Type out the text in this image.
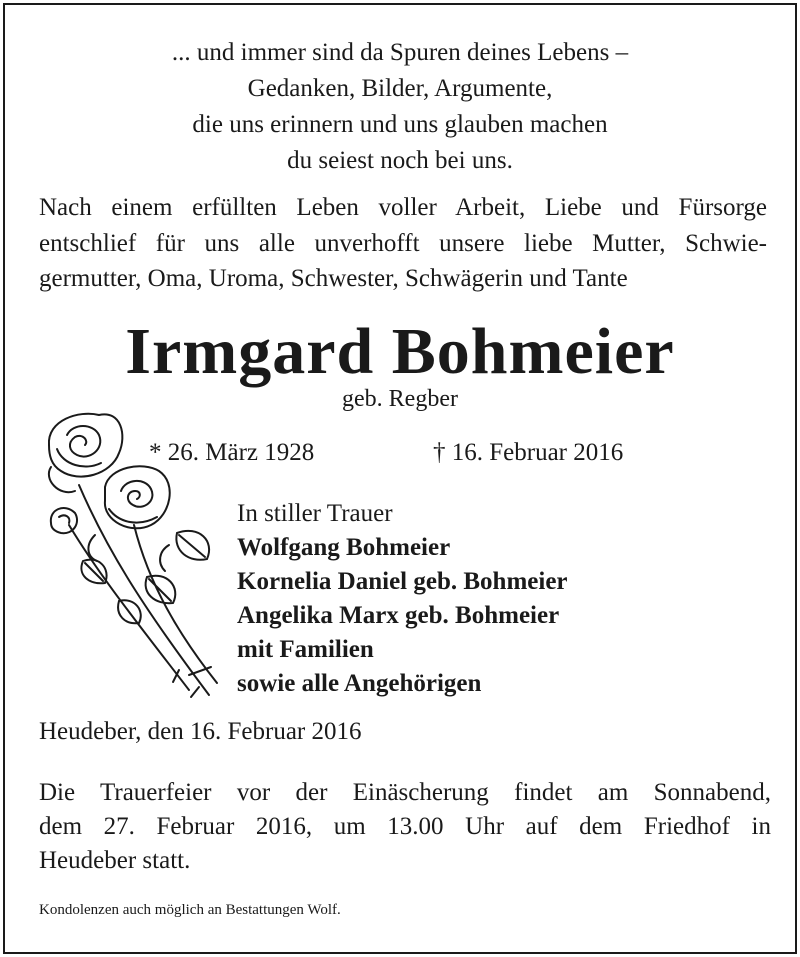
... und immer sind da Spuren deines Lebens –
Gedanken, Bilder, Argumente,
die uns erinnern und uns glauben machen
du seiest noch bei uns.
Nach einem erfüllten Leben voller Arbeit, Liebe und Fürsorge
entschlief für uns alle unverhofft unsere liebe Mutter, Schwie-
germutter, Oma, Uroma, Schwester, Schwägerin und Tante
Irmgard Bohmeier
geb. Regber
* 26. März 1928	† 16. Februar 2016
In stiller Trauer
Wolfgang Bohmeier
Kornelia Daniel geb. Bohmeier
Angelika Marx geb. Bohmeier
mit Familien
sowie alle Angehörigen
Heudeber, den 16. Februar 2016
Die Trauerfeier vor der Einäscherung findet am Sonnabend,
dem 27. Februar 2016, um 13.00 Uhr auf dem Friedhof in
Heudeber statt.
Kondolenzen auch möglich an Bestattungen Wolf.
